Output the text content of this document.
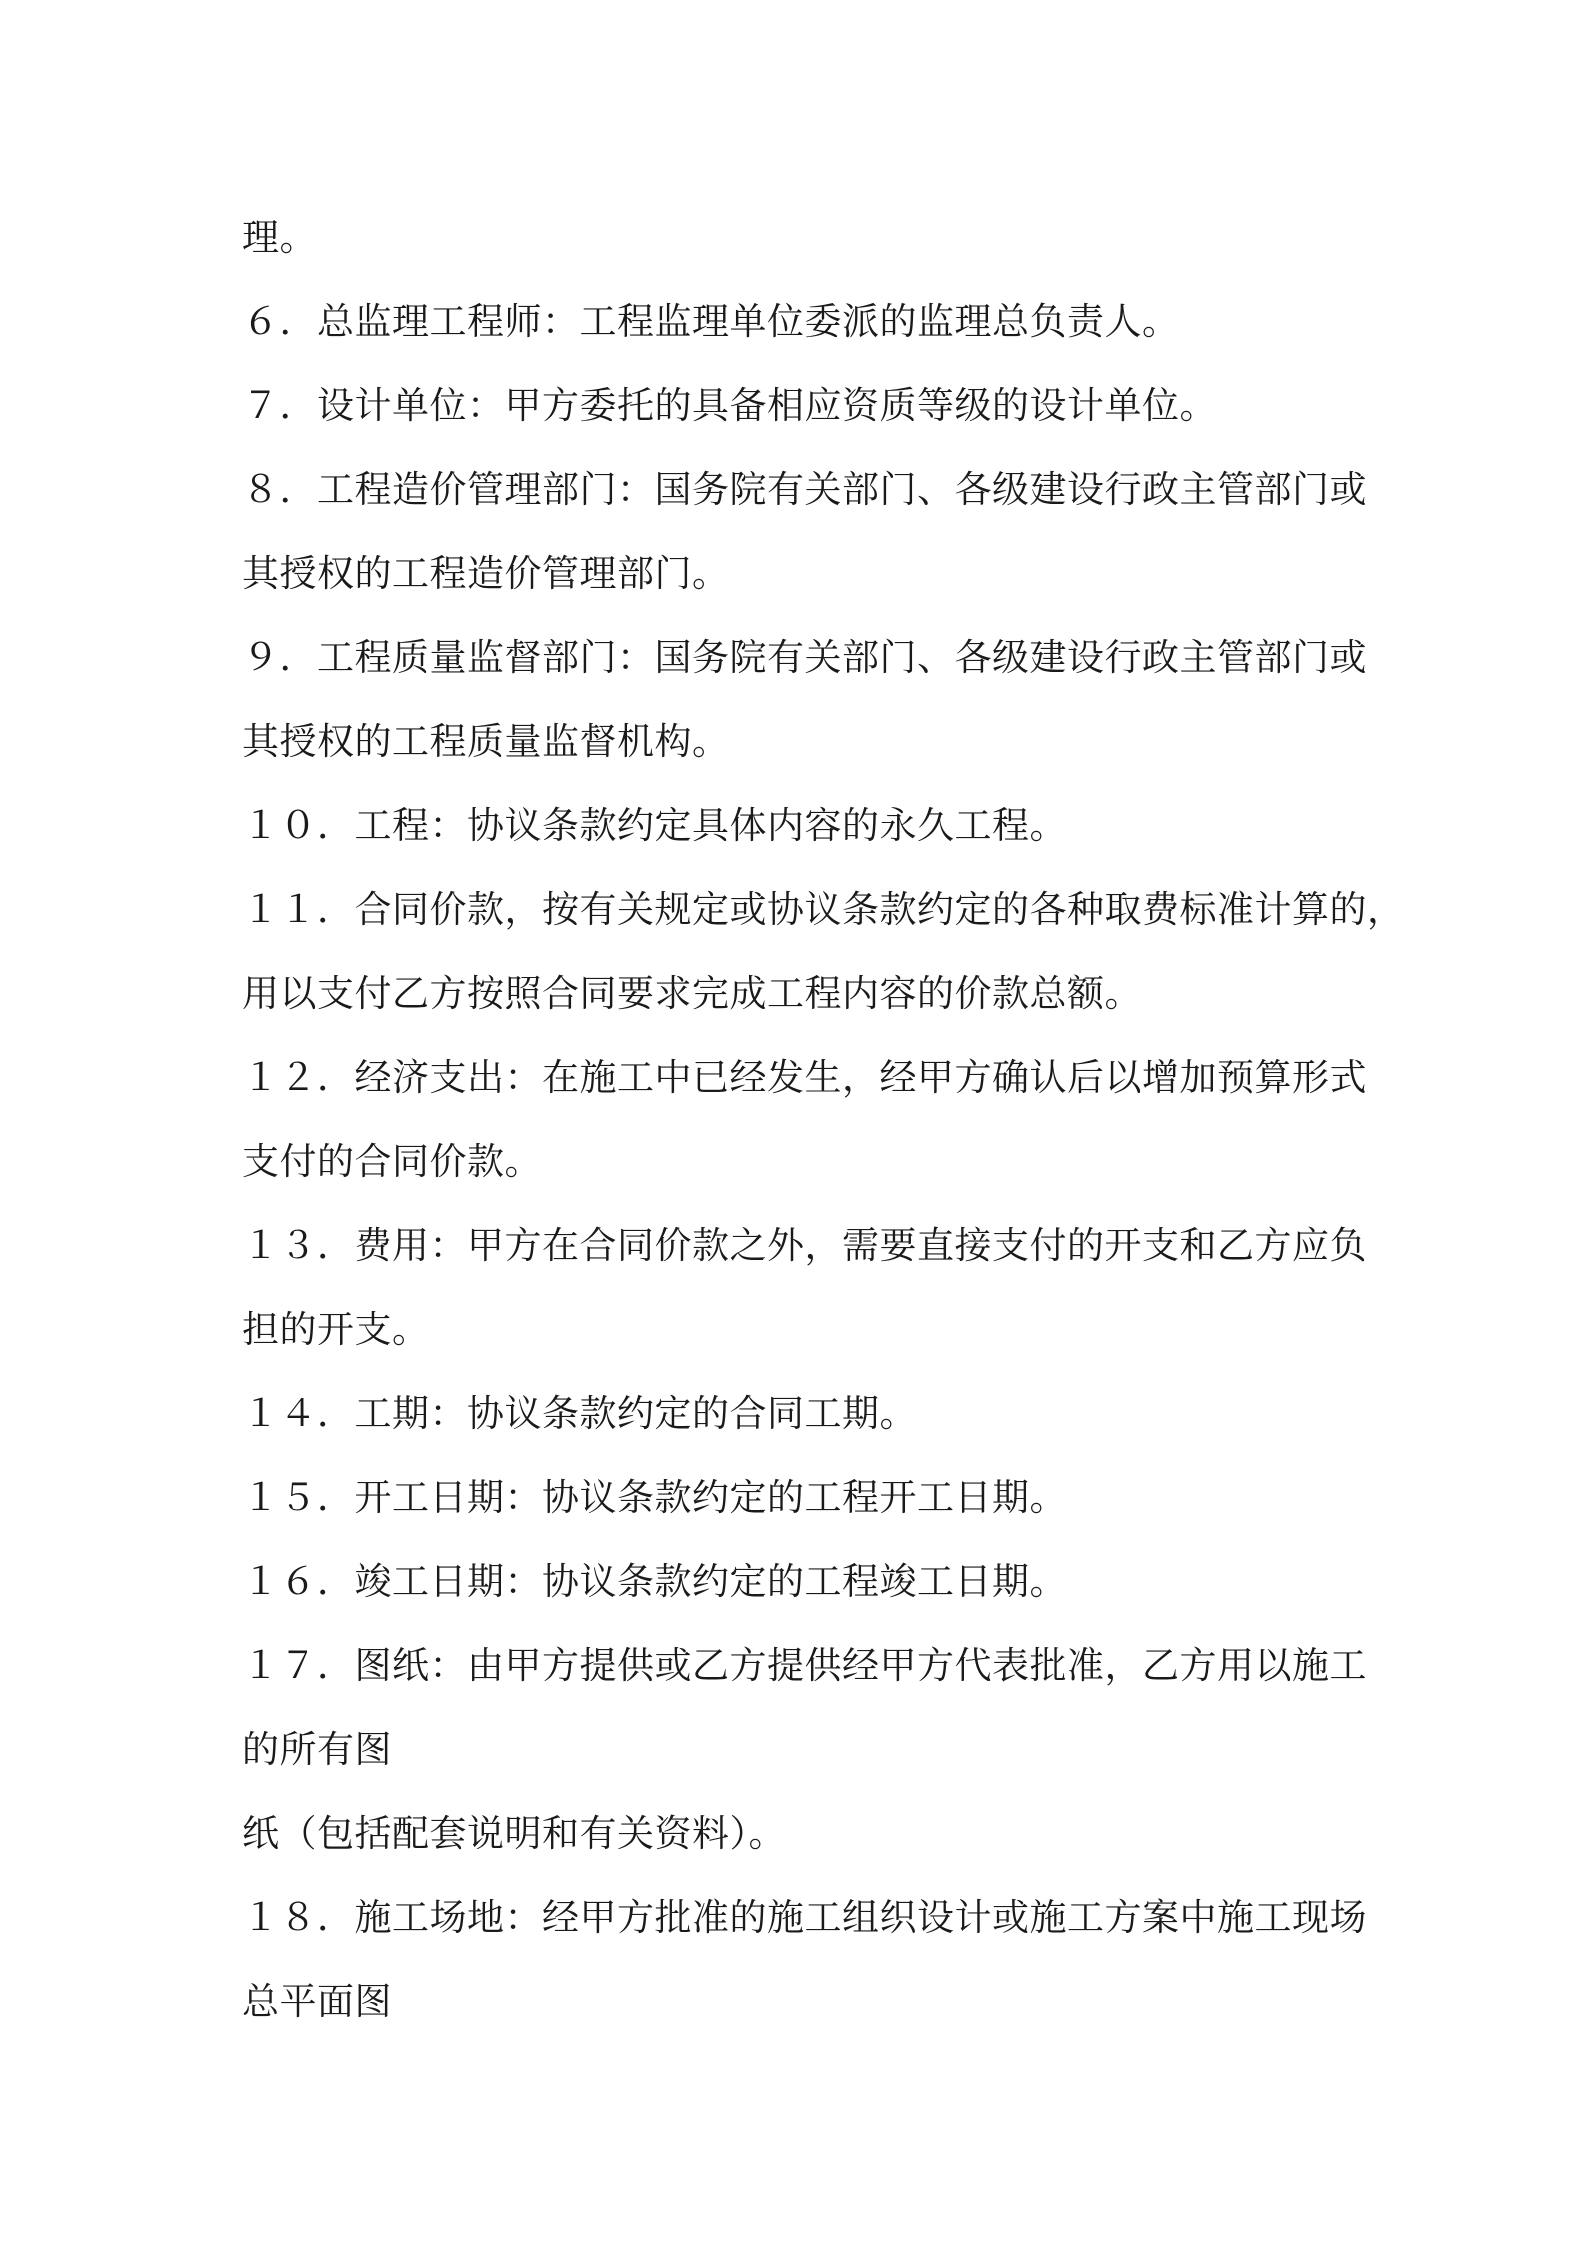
理。
６．总监理工程师：工程监理单位委派的监理总负责人。
７．设计单位：甲方委托的具备相应资质等级的设计单位。
８．工程造价管理部门：国务院有关部门、各级建设行政主管部门或
其授权的工程造价管理部门。
９．工程质量监督部门：国务院有关部门、各级建设行政主管部门或
其授权的工程质量监督机构。
１０．工程：协议条款约定具体内容的永久工程。
１１．合同价款，按有关规定或协议条款约定的各种取费标准计算的，
用以支付乙方按照合同要求完成工程内容的价款总额。
１２．经济支出：在施工中已经发生，经甲方确认后以增加预算形式
支付的合同价款。
１３．费用：甲方在合同价款之外，需要直接支付的开支和乙方应负
担的开支。
１４．工期：协议条款约定的合同工期。
１５．开工日期：协议条款约定的工程开工日期。
１６．竣工日期：协议条款约定的工程竣工日期。
１７．图纸：由甲方提供或乙方提供经甲方代表批准，乙方用以施工
的所有图
纸（包括配套说明和有关资料）。
１８．施工场地：经甲方批准的施工组织设计或施工方案中施工现场
总平面图
